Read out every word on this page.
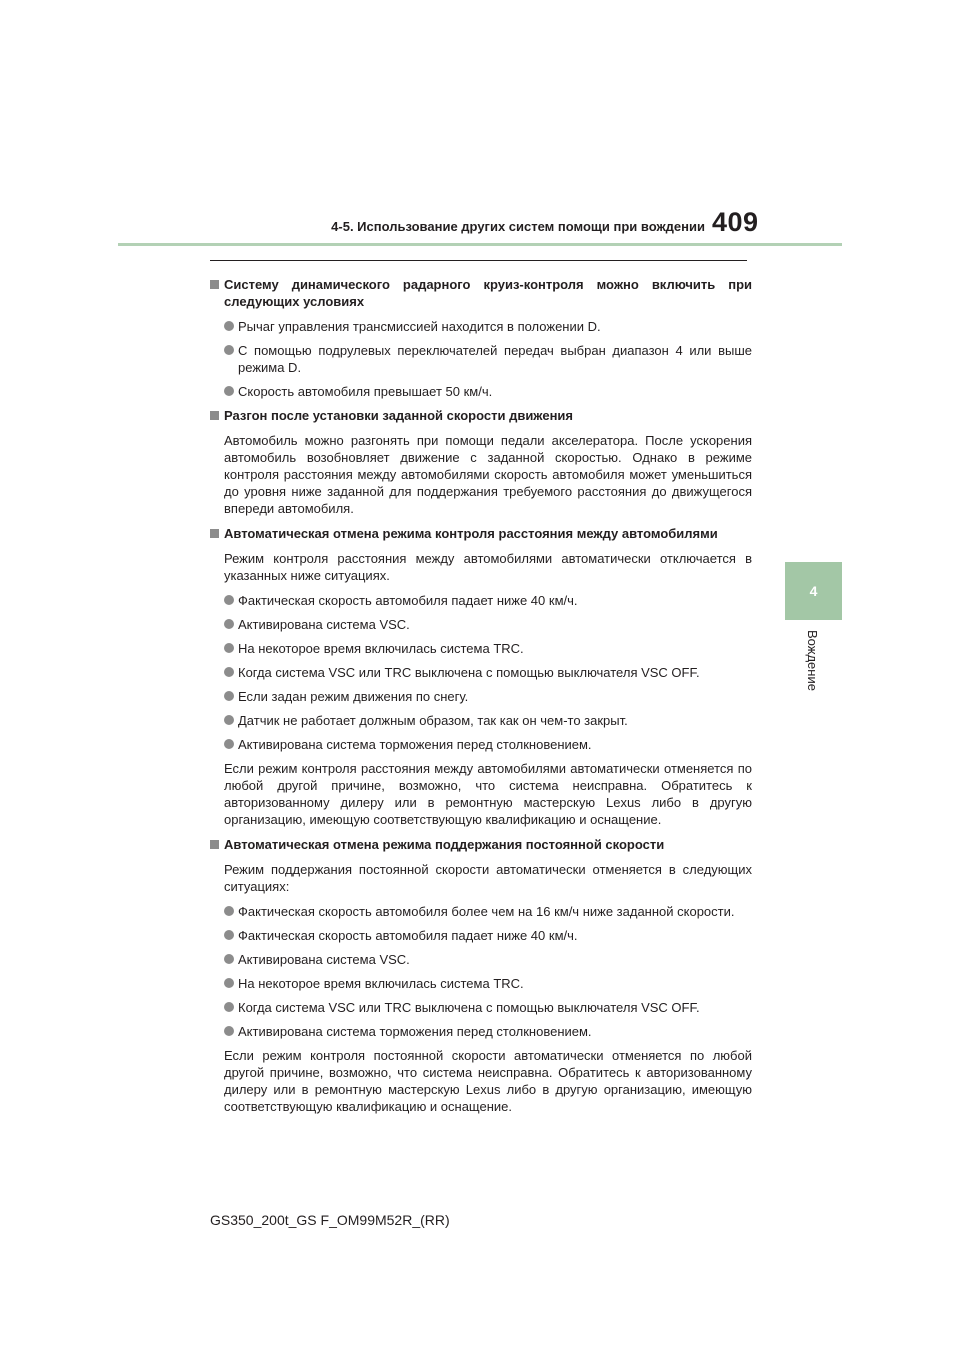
4-5. Использование других систем помощи при вождении 409
4
Вождение
Систему динамического радарного круиз-контроля можно включить при следующих условиях
Рычаг управления трансмиссией находится в положении D.
С помощью подрулевых переключателей передач выбран диапазон 4 или выше режима D.
Скорость автомобиля превышает 50 км/ч.
Разгон после установки заданной скорости движения
Автомобиль можно разгонять при помощи педали акселератора. После ускорения автомобиль возобновляет движение с заданной скоростью. Однако в режиме контроля расстояния между автомобилями скорость автомобиля может уменьшиться до уровня ниже заданной для поддержания требуемого расстояния до движущегося впереди автомобиля.
Автоматическая отмена режима контроля расстояния между автомобилями
Режим контроля расстояния между автомобилями автоматически отключается в указанных ниже ситуациях.
Фактическая скорость автомобиля падает ниже 40 км/ч.
Активирована система VSC.
На некоторое время включилась система TRC.
Когда система VSC или TRC выключена с помощью выключателя VSC OFF.
Если задан режим движения по снегу.
Датчик не работает должным образом, так как он чем-то закрыт.
Активирована система торможения перед столкновением.
Если режим контроля расстояния между автомобилями автоматически отменяется по любой другой причине, возможно, что система неисправна. Обратитесь к авторизованному дилеру или в ремонтную мастерскую Lexus либо в другую организацию, имеющую соответствующую квалификацию и оснащение.
Автоматическая отмена режима поддержания постоянной скорости
Режим поддержания постоянной скорости автоматически отменяется в следующих ситуациях:
Фактическая скорость автомобиля более чем на 16 км/ч ниже заданной скорости.
Фактическая скорость автомобиля падает ниже 40 км/ч.
Активирована система VSC.
На некоторое время включилась система TRC.
Когда система VSC или TRC выключена с помощью выключателя VSC OFF.
Активирована система торможения перед столкновением.
Если режим контроля постоянной скорости автоматически отменяется по любой другой причине, возможно, что система неисправна. Обратитесь к авторизованному дилеру или в ремонтную мастерскую Lexus либо в другую организацию, имеющую соответствующую квалификацию и оснащение.
GS350_200t_GS F_OM99M52R_(RR)
